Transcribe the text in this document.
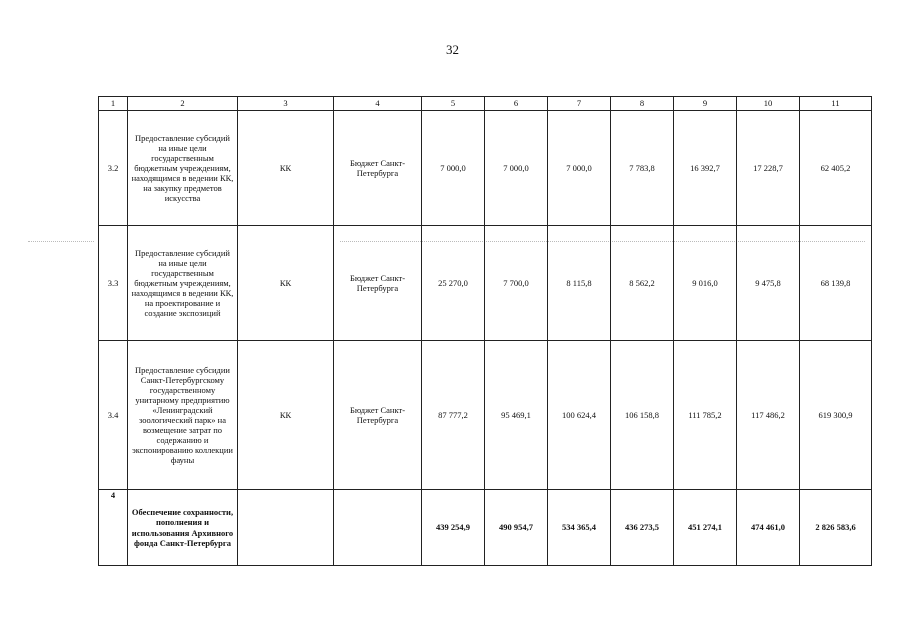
32
1	2	3	4	5	6	7	8	9	10	11
3.2	Предоставление субсидий на иные цели государственным бюджетным учреждениям, находящимся в ведении КК, на закупку предметов искусства	КК	Бюджет Санкт-Петербурга	7 000,0	7 000,0	7 000,0	7 783,8	16 392,7	17 228,7	62 405,2
3.3	Предоставление субсидий на иные цели государственным бюджетным учреждениям, находящимся в ведении КК, на проектирование и создание экспозиций	КК	Бюджет Санкт-Петербурга	25 270,0	7 700,0	8 115,8	8 562,2	9 016,0	9 475,8	68 139,8
3.4	Предоставление субсидии Санкт-Петербургскому государственному унитарному предприятию «Ленинградский зоологический парк» на возмещение затрат по содержанию и экспонированию коллекции фауны	КК	Бюджет Санкт-Петербурга	87 777,2	95 469,1	100 624,4	106 158,8	111 785,2	117 486,2	619 300,9
4	Обеспечение сохранности, пополнения и использования Архивного фонда Санкт-Петербурга			439 254,9	490 954,7	534 365,4	436 273,5	451 274,1	474 461,0	2 826 583,6
